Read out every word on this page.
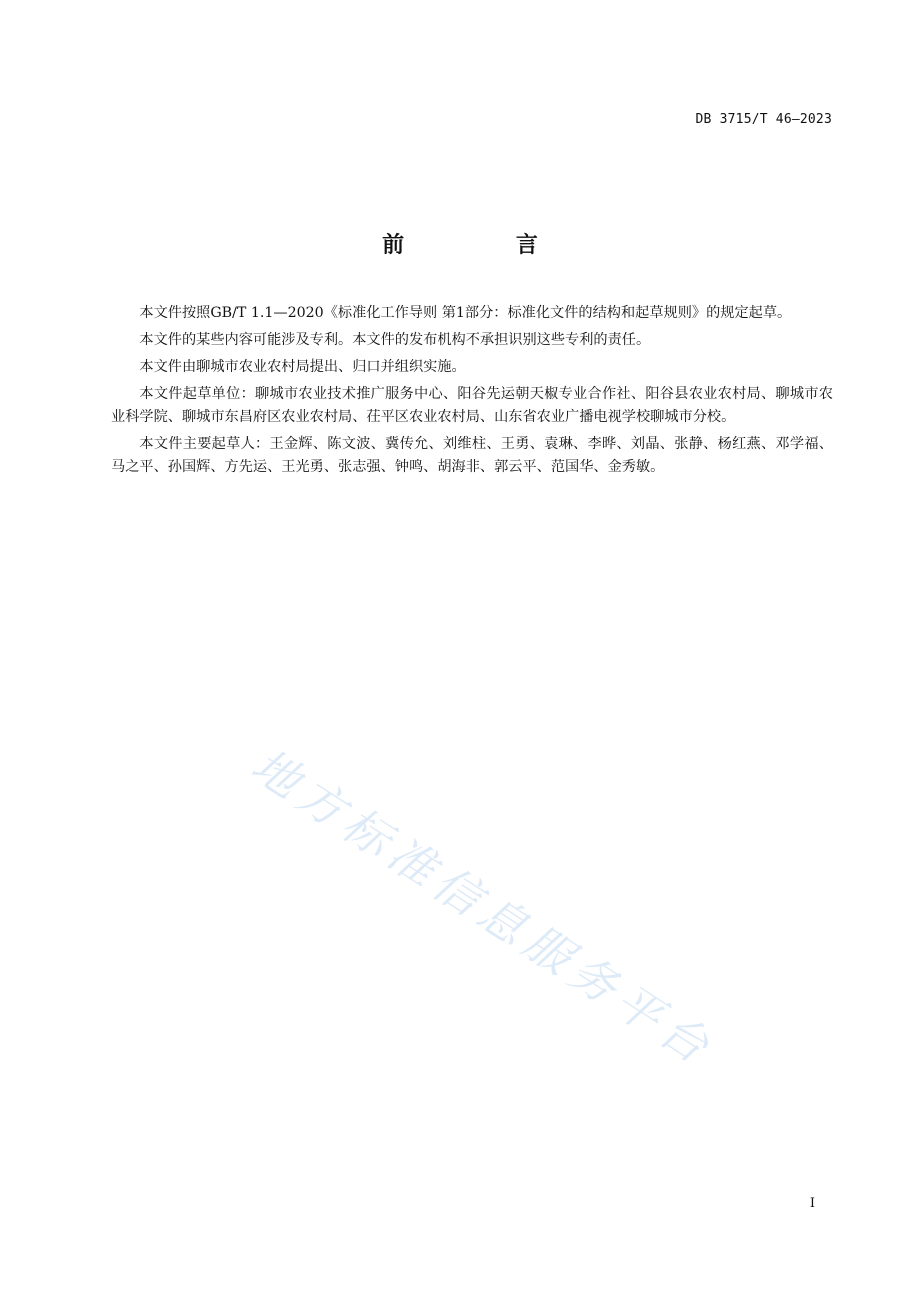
DB 3715/T 46—2023
前 言

本文件按照GB/T 1.1—2020《标准化工作导则 第1部分：标准化文件的结构和起草规则》的规定起草。

本文件的某些内容可能涉及专利。本文件的发布机构不承担识别这些专利的责任。

本文件由聊城市农业农村局提出、归口并组织实施。

本文件起草单位：聊城市农业技术推广服务中心、阳谷先运朝天椒专业合作社、阳谷县农业农村局、聊城市农业科学院、聊城市东昌府区农业农村局、茌平区农业农村局、山东省农业广播电视学校聊城市分校。

本文件主要起草人：王金辉、陈文波、冀传允、刘维柱、王勇、袁琳、李晔、刘晶、张静、杨红燕、邓学福、马之平、孙国辉、方先运、王光勇、张志强、钟鸣、胡海非、郭云平、范国华、金秀敏。

地方标准信息服务平台
I
